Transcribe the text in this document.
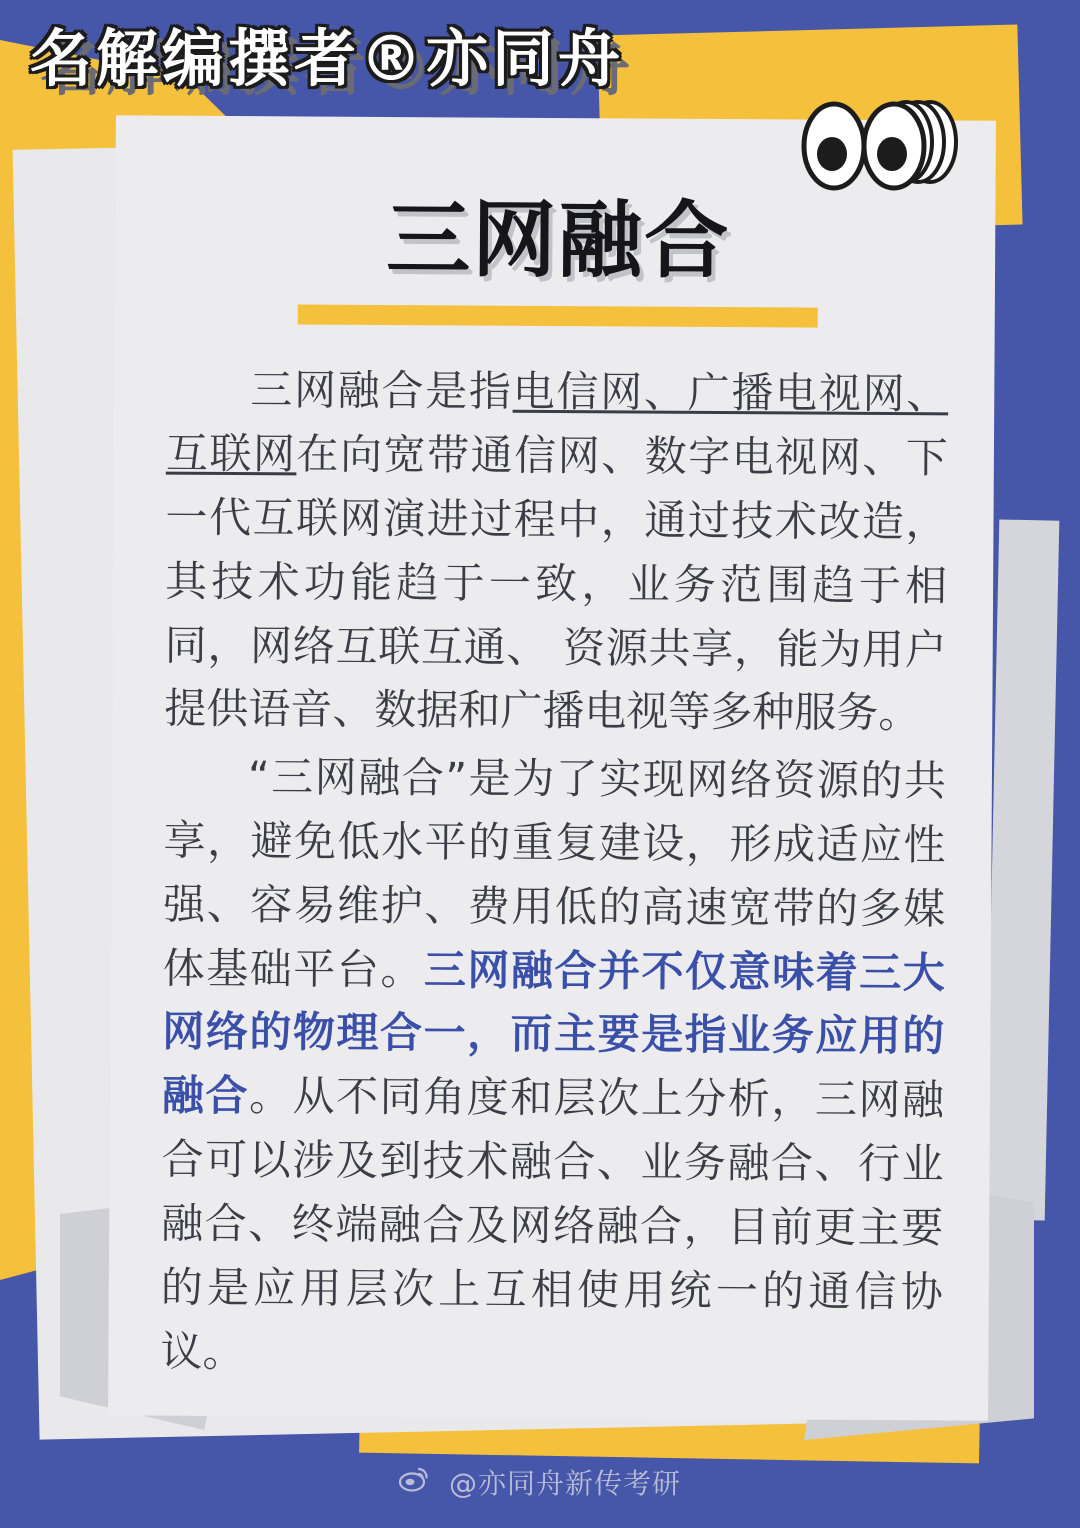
三网融合

三网融合是指电信网、广播电视网、互联网在向宽带通信网、数字电视网、下一代互联网演进过程中，通过技术改造，其技术功能趋于一致，业务范围趋于相同，网络互联互通、 资源共享，能为用户提供语音、数据和广播电视等多种服务。

“三网融合”是为了实现网络资源的共享，避免低水平的重复建设，形成适应性强、容易维护、费用低的高速宽带的多媒体基础平台。三网融合并不仅意味着三大网络的物理合一，而主要是指业务应用的融合。从不同角度和层次上分析，三网融合可以涉及到技术融合、业务融合、行业融合、终端融合及网络融合，目前更主要的是应用层次上互相使用统一的通信协议。

名解编撰者®亦同舟
@亦同舟新传考研
